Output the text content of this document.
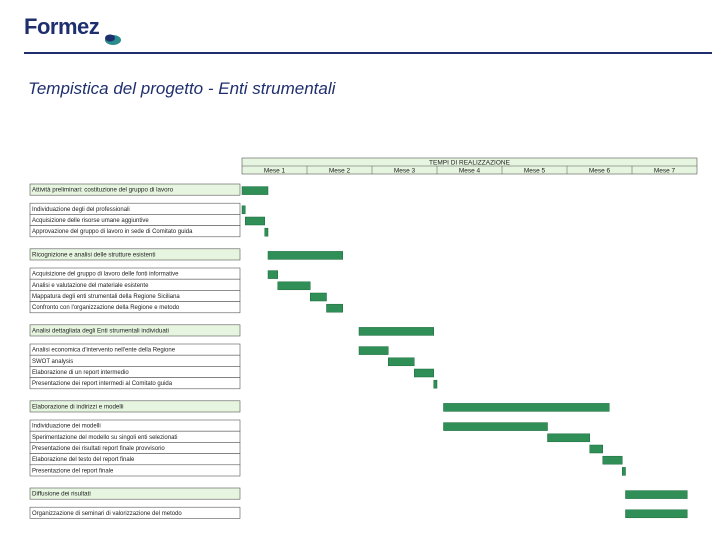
Formez
Tempistica del progetto - Enti strumentali
TEMPI DI REALIZZAZIONE
Mese 1	Mese 2	Mese 3	Mese 4	Mese 5	Mese 6	Mese 7
Attività preliminari: costituzione del gruppo di lavoro
Individuazione degli del professionali
Acquisizione delle risorse umane aggiuntive
Approvazione del gruppo di lavoro in sede di Comitato guida
Ricognizione e analisi delle strutture esistenti
Acquisizione del gruppo di lavoro delle fonti informative
Analisi e valutazione del materiale esistente
Mappatura degli enti strumentali della Regione Siciliana
Confronto con l'organizzazione della Regione e metodo
Analisi dettagliata degli Enti strumentali individuati
Analisi economica d'intervento nell'ente della Regione
SWOT analysis
Elaborazione di un report intermedio
Presentazione dei report intermedi al Comitato guida
Elaborazione di indirizzi e modelli
Individuazione dei modelli
Sperimentazione del modello su singoli enti selezionati
Presentazione dei risultati report finale provvisorio
Elaborazione del testo del report finale
Presentazione del report finale
Diffusione dei risultati
Organizzazione di seminari di valorizzazione del metodo
